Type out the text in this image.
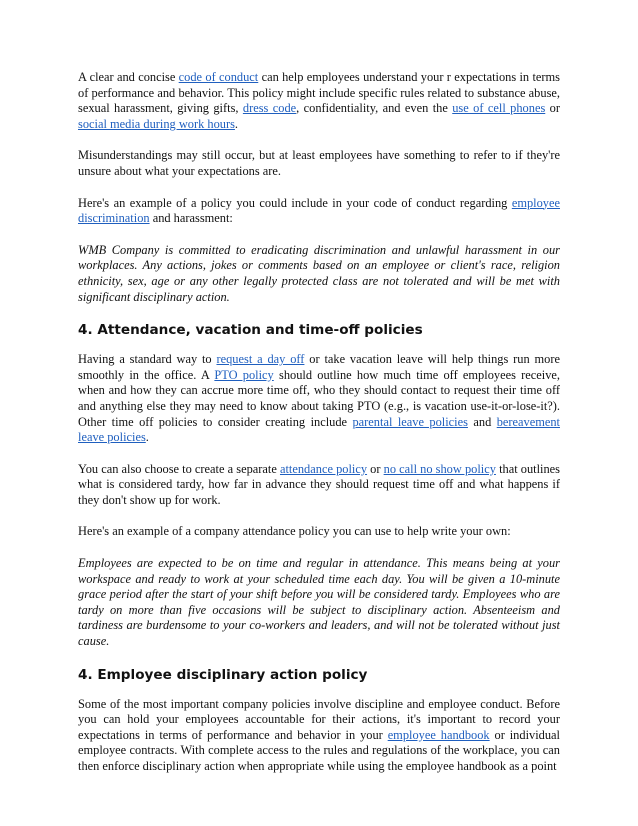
A clear and concise code of conduct can help employees understand your r expectations in terms of performance and behavior. This policy might include specific rules related to substance abuse, sexual harassment, giving gifts, dress code, confidentiality, and even the use of cell phones or social media during work hours.

Misunderstandings may still occur, but at least employees have something to refer to if they're unsure about what your expectations are.

Here's an example of a policy you could include in your code of conduct regarding employee discrimination and harassment:

WMB Company is committed to eradicating discrimination and unlawful harassment in our workplaces. Any actions, jokes or comments based on an employee or client's race, religion ethnicity, sex, age or any other legally protected class are not tolerated and will be met with significant disciplinary action.

4. Attendance, vacation and time-off policies

Having a standard way to request a day off or take vacation leave will help things run more smoothly in the office. A PTO policy should outline how much time off employees receive, when and how they can accrue more time off, who they should contact to request their time off and anything else they may need to know about taking PTO (e.g., is vacation use-it-or-lose-it?). Other time off policies to consider creating include parental leave policies and bereavement leave policies.

You can also choose to create a separate attendance policy or no call no show policy that outlines what is considered tardy, how far in advance they should request time off and what happens if they don't show up for work.

Here's an example of a company attendance policy you can use to help write your own:

Employees are expected to be on time and regular in attendance. This means being at your workspace and ready to work at your scheduled time each day. You will be given a 10-minute grace period after the start of your shift before you will be considered tardy. Employees who are tardy on more than five occasions will be subject to disciplinary action. Absenteeism and tardiness are burdensome to your co-workers and leaders, and will not be tolerated without just cause.

4. Employee disciplinary action policy

Some of the most important company policies involve discipline and employee conduct. Before you can hold your employees accountable for their actions, it's important to record your expectations in terms of performance and behavior in your employee handbook or individual employee contracts. With complete access to the rules and regulations of the workplace, you can then enforce disciplinary action when appropriate while using the employee handbook as a point
